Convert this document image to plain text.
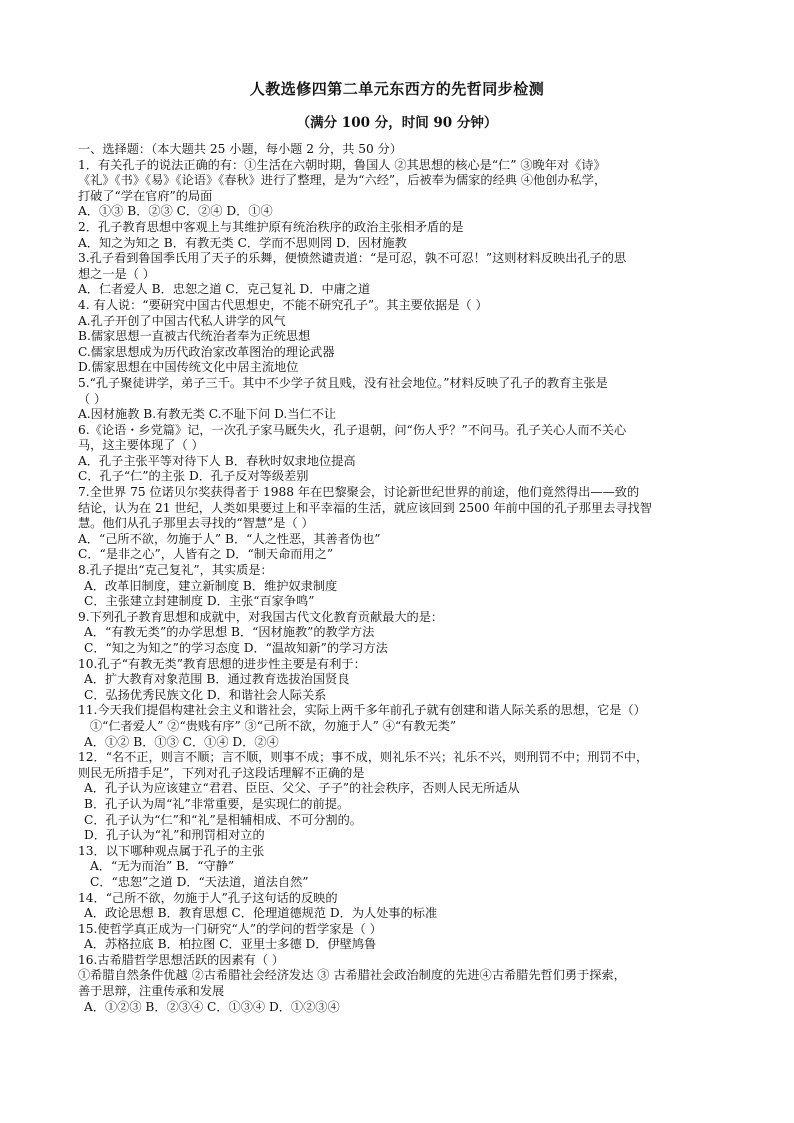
人教选修四第二单元东西方的先哲同步检测
（满分 100 分，时间 90 分钟）
一、选择题：（本大题共 25 小题，每小题 2 分，共 50 分）
1．有关孔子的说法正确的有：①生活在六朝时期，鲁国人 ②其思想的核心是“仁” ③晚年对《诗》
《礼》《书》《易》《论语》《春秋》进行了整理，是为“六经”，后被奉为儒家的经典 ④他创办私学，
打破了“学在官府”的局面
A．①③ B．②③ C．②④ D．①④
2．孔子教育思想中客观上与其维护原有统治秩序的政治主张相矛盾的是
A．知之为知之 B．有教无类 C．学而不思则罔 D．因材施教
3.孔子看到鲁国季氏用了天子的乐舞，便愤然谴责道：“是可忍，孰不可忍！”这则材料反映出孔子的思
想之一是（ ）
A．仁者爱人 B．忠恕之道 C．克己复礼 D．中庸之道
4. 有人说：“要研究中国古代思想史，不能不研究孔子”。其主要依据是（ ）
A.孔子开创了中国古代私人讲学的风气
B.儒家思想一直被古代统治者奉为正统思想
C.儒家思想成为历代政治家改革图治的理论武器
D.儒家思想在中国传统文化中居主流地位
5.“孔子聚徒讲学，弟子三千。其中不少学子贫且贱，没有社会地位。”材料反映了孔子的教育主张是
（ ）
A.因材施教 B.有教无类 C.不耻下问 D.当仁不让
6.《论语・乡党篇》记，一次孔子家马厩失火，孔子退朝，问“伤人乎？”不问马。孔子关心人而不关心
马，这主要体现了（ ）
A．孔子主张平等对待下人 B．春秋时奴隶地位提高
C．孔子“仁”的主张 D．孔子反对等级差别
7.全世界 75 位诺贝尔奖获得者于 1988 年在巴黎聚会，讨论新世纪世界的前途，他们竟然得出——致的
结论，认为在 21 世纪，人类如果要过上和平幸福的生活，就应该回到 2500 年前中国的孔子那里去寻找智
慧。他们从孔子那里去寻找的“智慧”是（ ）
A．“己所不欲，勿施于人” B．“人之性恶，其善者伪也”
C．“是非之心”，人皆有之 D．“制天命而用之”
8.孔子提出“克己复礼”，其实质是：
A．改革旧制度，建立新制度 B．维护奴隶制度
C．主张建立封建制度 D．主张“百家争鸣”
9.下列孔子教育思想和成就中，对我国古代文化教育贡献最大的是：
A．“有教无类”的办学思想 B．“因材施教”的教学方法
C．“知之为知之”的学习态度 D．“温故知新”的学习方法
10.孔子“有教无类”教育思想的进步性主要是有利于：
A．扩大教育对象范围 B．通过教育选拔治国贤良
C．弘扬优秀民族文化 D．和谐社会人际关系
11.今天我们提倡构建社会主义和谐社会，实际上两千多年前孔子就有创建和谐人际关系的思想，它是（）
①“仁者爱人” ②“贵贱有序” ③“己所不欲，勿施于人” ④“有教无类”
A．①② B．①③ C．①④ D．②④
12．“名不正，则言不顺；言不顺，则事不成；事不成，则礼乐不兴；礼乐不兴，则刑罚不中；刑罚不中，
则民无所措手足”，下列对孔子这段话理解不正确的是
A．孔子认为应该建立“君君、臣臣、父父、子子”的社会秩序，否则人民无所适从
B．孔子认为周“礼”非常重要，是实现仁的前提。
C．孔子认为“仁”和“礼”是相辅相成、不可分割的。
D．孔子认为“礼”和刑罚相对立的
13．以下哪种观点属于孔子的主张
A．“无为而治” B．“守静”
C．“忠恕”之道 D．“天法道，道法自然”
14．“己所不欲，勿施于人”孔子这句话的反映的
A．政论思想 B．教育思想 C．伦理道德规范 D．为人处事的标准
15.使哲学真正成为一门研究“人”的学问的哲学家是（ ）
A．苏格拉底 B．柏拉图 C．亚里士多德 D．伊壁鸠鲁
16.古希腊哲学思想活跃的因素有（ ）
①希腊自然条件优越 ②古希腊社会经济发达 ③ 古希腊社会政治制度的先进④古希腊先哲们勇于探索，
善于思辩，注重传承和发展
A．①②③ B．②③④ C．①③④ D．①②③④
